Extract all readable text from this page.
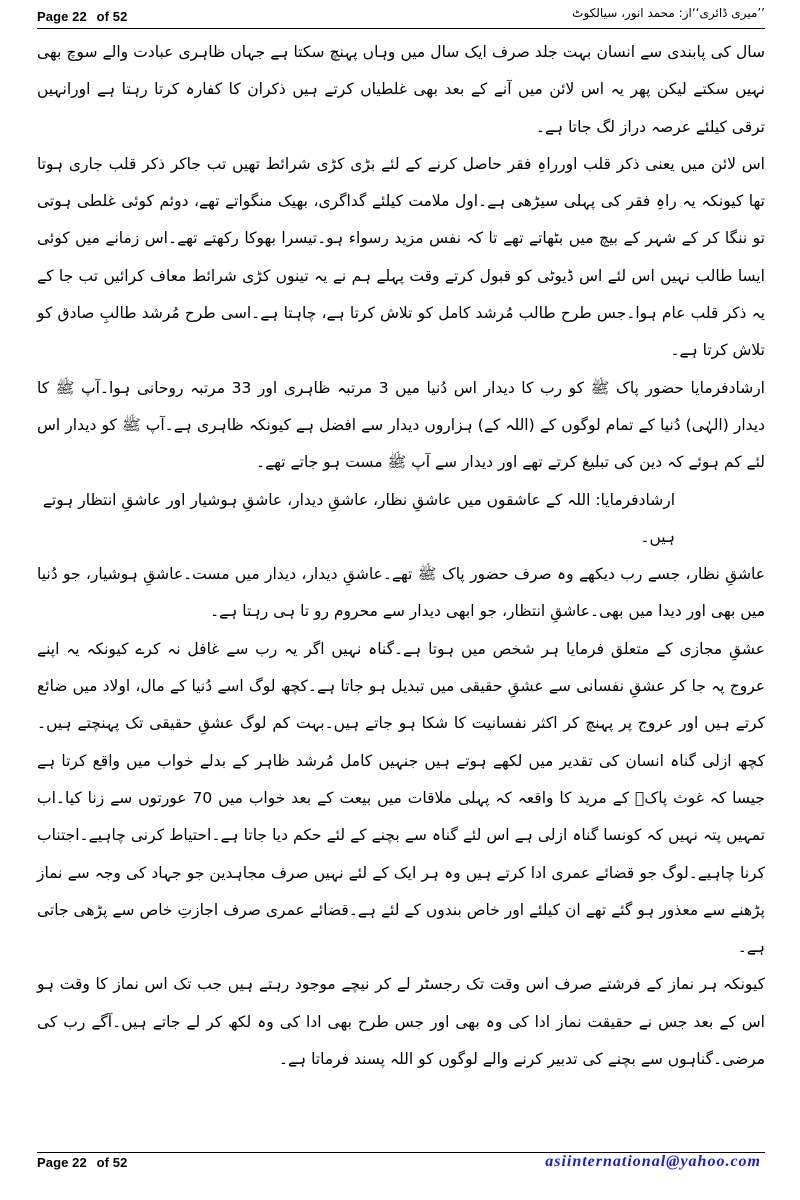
Page 22 of 52	’’میری ڈائری‘‘از: محمد انور، سیالکوٹ

سال کی پابندی سے انسان بہت جلد صرف ایک سال میں وہاں پہنچ سکتا ہے جہاں ظاہری عبادت والے سوچ بھی نہیں سکتے لیکن پھر یہ اس لائن میں آنے کے بعد بھی غلطیاں کرتے ہیں ذکران کا کفارہ کرتا رہتا ہے اورانہیں ترقی کیلئے عرصہ دراز لگ جاتا ہے۔

اس لائن میں یعنی ذکر قلب اورراہِ فقر حاصل کرنے کے لئے بڑی کڑی شرائط تھیں تب جاکر ذکر قلب جاری ہوتا تھا کیونکہ یہ راہِ فقر کی پہلی سیڑھی ہے۔اول ملامت کیلئے گداگری، بھیک منگواتے تھے، دوئم کوئی غلطی ہوتی تو ننگا کر کے شہر کے بیچ میں بٹھاتے تھے تا کہ نفس مزید رسواء ہو۔تیسرا بھوکا رکھتے تھے۔اس زمانے میں کوئی ایسا طالب نہیں اس لئے اس ڈیوٹی کو قبول کرتے وقت پہلے ہم نے یہ تینوں کڑی شرائط معاف کرائیں تب جا کے یہ ذکر قلب عام ہوا۔جس طرح طالب مُرشد کامل کو تلاش کرتا ہے، چاہتا ہے۔اسی طرح مُرشد طالبِ صادق کو تلاش کرتا ہے۔

ارشادفرمایا حضور پاک ﷺ کو رب کا دیدار اس دُنیا میں 3 مرتبہ ظاہری اور 33 مرتبہ روحانی ہوا۔آپ ﷺ کا دیدار (الہٰی) دُنیا کے تمام لوگوں کے (اللہ کے) ہزاروں دیدار سے افضل ہے کیونکہ ظاہری ہے۔آپ ﷺ کو دیدار اس لئے کم ہوئے کہ دین کی تبلیغ کرتے تھے اور دیدار سے آپ ﷺ مست ہو جاتے تھے۔

ارشادفرمایا: اللہ کے عاشقوں میں عاشقِ نظار، عاشقِ دیدار، عاشقِ ہوشیار اور عاشقِ انتظار ہوتے ہیں۔

عاشقِ نظار، جسے رب دیکھے وہ صرف حضور پاک ﷺ تھے۔عاشقِ دیدار، دیدار میں مست۔عاشقِ ہوشیار، جو دُنیا میں بھی اور دیدا میں بھی۔عاشقِ انتظار، جو ابھی دیدار سے محروم رو تا ہی رہتا ہے۔

عشقِ مجازی کے متعلق فرمایا ہر شخص میں ہوتا ہے۔گناہ نہیں اگر یہ رب سے غافل نہ کرے کیونکہ یہ اپنے عروج پہ جا کر عشقِ نفسانی سے عشقِ حقیقی میں تبدیل ہو جاتا ہے۔کچھ لوگ اسے دُنیا کے مال، اولاد میں ضائع کرتے ہیں اور عروج پر پہنچ کر اکثر نفسانیت کا شکا ہو جاتے ہیں۔بہت کم لوگ عشقِ حقیقی تک پہنچتے ہیں۔کچھ ازلی گناہ انسان کی تقدیر میں لکھے ہوتے ہیں جنہیں کامل مُرشد ظاہر کے بدلے خواب میں واقع کرتا ہے جیسا کہ غوث پاکؒ کے مرید کا واقعہ کہ پہلی ملاقات میں بیعت کے بعد خواب میں 70 عورتوں سے زنا کیا۔اب تمہیں پتہ نہیں کہ کونسا گناہ ازلی ہے اس لئے گناہ سے بچنے کے لئے حکم دیا جاتا ہے۔احتیاط کرنی چاہیے۔اجتناب کرنا چاہیے۔لوگ جو قضائے عمری ادا کرتے ہیں وہ ہر ایک کے لئے نہیں صرف مجاہدین جو جہاد کی وجہ سے نماز پڑھنے سے معذور ہو گئے تھے ان کیلئے اور خاص بندوں کے لئے ہے۔قضائے عمری صرف اجازتِ خاص سے پڑھی جاتی ہے۔

کیونکہ ہر نماز کے فرشتے صرف اس وقت تک رجسٹر لے کر نیچے موجود رہتے ہیں جب تک اس نماز کا وقت ہو اس کے بعد جس نے حقیقت نماز ادا کی وہ بھی اور جس طرح بھی ادا کی وہ لکھ کر لے جاتے ہیں۔آگے رب کی مرضی۔گناہوں سے بچنے کی تدبیر کرنے والے لوگوں کو اللہ پسند فرماتا ہے۔

Page 22 of 52	asiinternational@yahoo.com
